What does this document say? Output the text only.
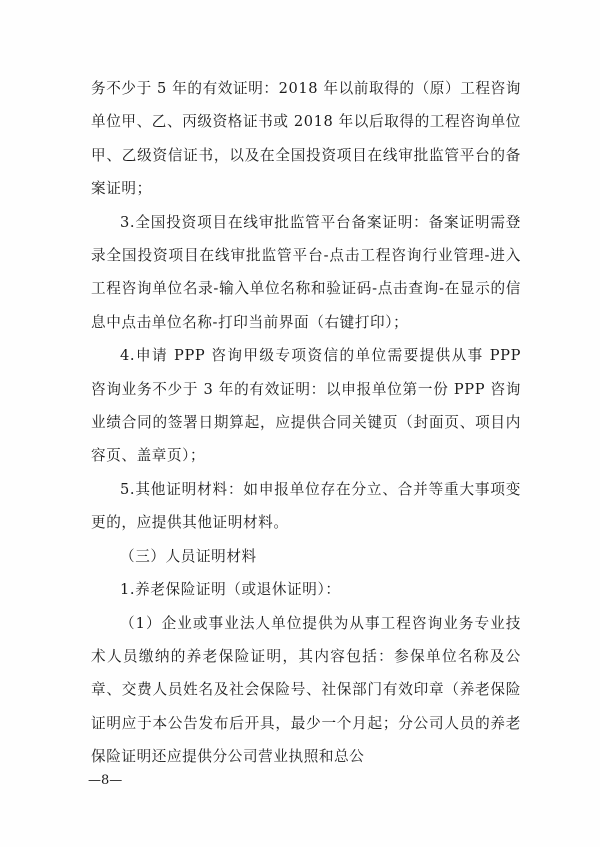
务不少于 5 年的有效证明：2018 年以前取得的（原）工程咨询单位甲、乙、丙级资格证书或 2018 年以后取得的工程咨询单位甲、乙级资信证书，以及在全国投资项目在线审批监管平台的备案证明；

3.全国投资项目在线审批监管平台备案证明：备案证明需登录全国投资项目在线审批监管平台-点击工程咨询行业管理-进入工程咨询单位名录-输入单位名称和验证码-点击查询-在显示的信息中点击单位名称-打印当前界面（右键打印）；

4.申请 PPP 咨询甲级专项资信的单位需要提供从事 PPP 咨询业务不少于 3 年的有效证明：以申报单位第一份 PPP 咨询业绩合同的签署日期算起，应提供合同关键页（封面页、项目内容页、盖章页）；

5.其他证明材料：如申报单位存在分立、合并等重大事项变更的，应提供其他证明材料。

（三）人员证明材料

1.养老保险证明（或退休证明）：

（1）企业或事业法人单位提供为从事工程咨询业务专业技术人员缴纳的养老保险证明，其内容包括：参保单位名称及公章、交费人员姓名及社会保险号、社保部门有效印章（养老保险证明应于本公告发布后开具，最少一个月起；分公司人员的养老保险证明还应提供分公司营业执照和总公

—8—
